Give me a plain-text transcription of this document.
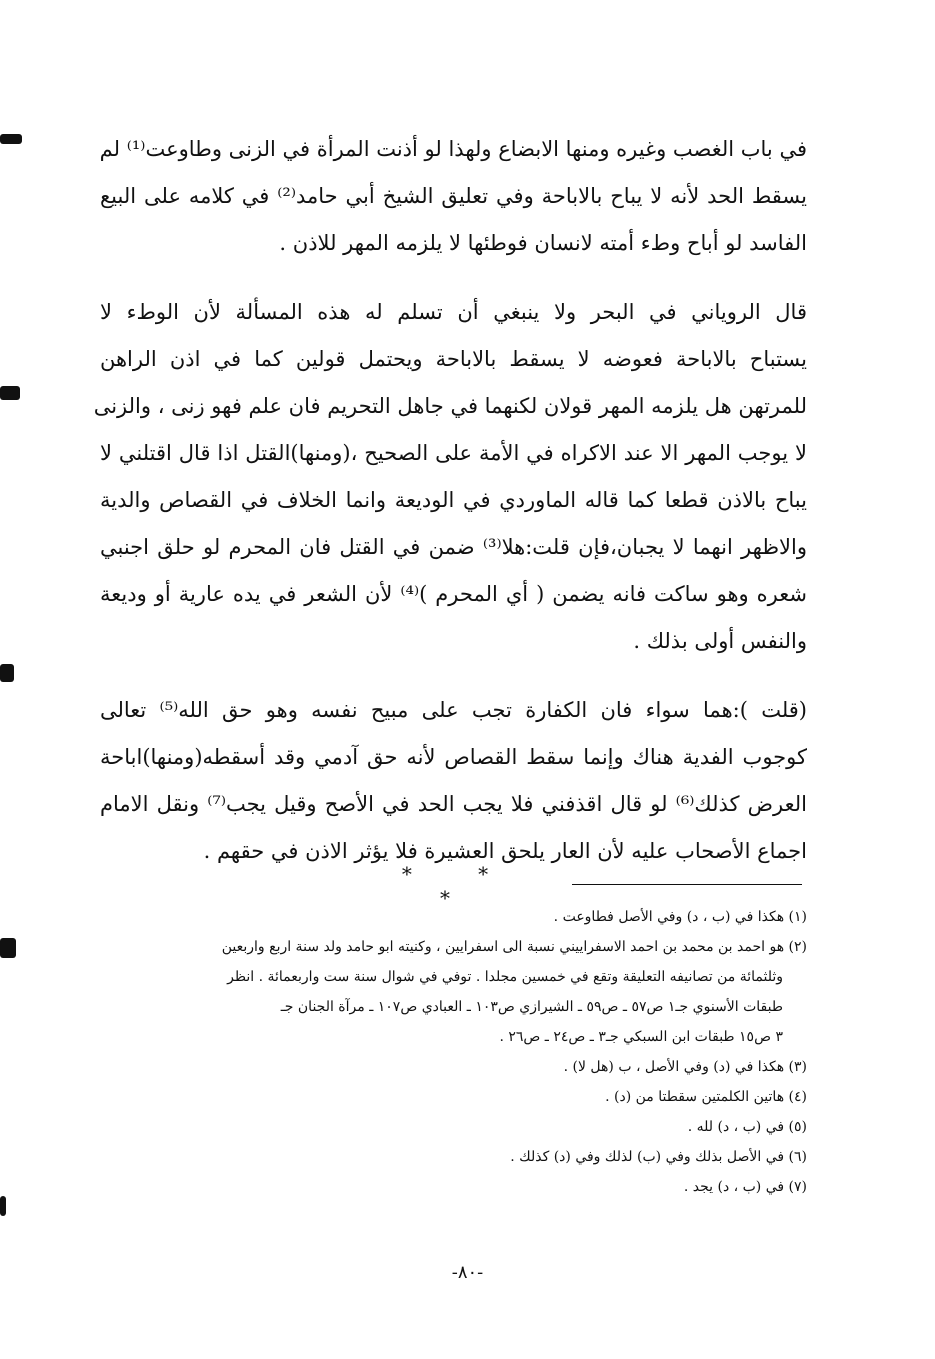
في باب الغصب وغيره ومنها الابضاع ولهذا لو أذنت المرأة في الزنى وطاوعت⁽¹⁾ لم
يسقط الحد لأنه لا يباح بالاباحة وفي تعليق الشيخ أبي حامد⁽²⁾ في كلامه على البيع
الفاسد لو أباح وطء أمته لانسان فوطئها لا يلزمه المهر للاذن .
قال الروياني في البحر ولا ينبغي أن تسلم له هذه المسألة لأن الوطء لا
يستباح بالاباحة فعوضه لا يسقط بالاباحة ويحتمل قولين كما في اذن الراهن
للمرتهن هل يلزمه المهر قولان لكنهما في جاهل التحريم فان علم فهو زنى ، والزنى
لا يوجب المهر الا عند الاكراه في الأمة على الصحيح ،(ومنها)القتل اذا قال اقتلني لا
يباح بالاذن قطعا كما قاله الماوردي في الوديعة وانما الخلاف في القصاص والدية
والاظهر انهما لا يجبان،فإن قلت:هلا⁽³⁾ ضمن في القتل فان المحرم لو حلق اجنبي
شعره وهو ساكت فانه يضمن ( أي المحرم )⁽⁴⁾ لأن الشعر في يده عارية أو وديعة
والنفس أولى بذلك .
(قلت ):هما سواء فان الكفارة تجب على مبيح نفسه وهو حق الله⁽⁵⁾ تعالى
كوجوب الفدية هناك وإنما سقط القصاص لأنه حق آدمي وقد أسقطه(ومنها)اباحة
العرض كذلك⁽⁶⁾ لو قال اقذفني فلا يجب الحد في الأصح وقيل يجب⁽⁷⁾ ونقل الامام
اجماع الأصحاب عليه لأن العار يلحق العشيرة فلا يؤثر الاذن في حقهم .
* * *
(١) هكذا في (ب ، د) وفي الأصل فطاوعت .
(٢) هو احمد بن محمد بن احمد الاسفراييني نسبة الى اسفرايين ، وكنيته ابو حامد ولد سنة اربع واربعين
وثلثمائة من تصانيفه التعليقة وتقع في خمسين مجلدا . توفي في شوال سنة ست واربعمائة . انظر
طبقات الأسنوي جـ١ ص٥٧ ـ ص٥٩ ـ الشيرازي ص١٠٣ ـ العبادي ص١٠٧ ـ مرآة الجنان جـ
٣ ص١٥ طبقات ابن السبكي جـ٣ ـ ص٢٤ ـ ص٢٦ .
(٣) هكذا في (د) وفي الأصل ، ب (هل لا) .
(٤) هاتين الكلمتين سقطتا من (د) .
(٥) في (ب ، د) لله .
(٦) في الأصل بذلك وفي (ب) لذلك وفي (د) كذلك .
(٧) في (ب ، د) يجد .
-٨٠-
